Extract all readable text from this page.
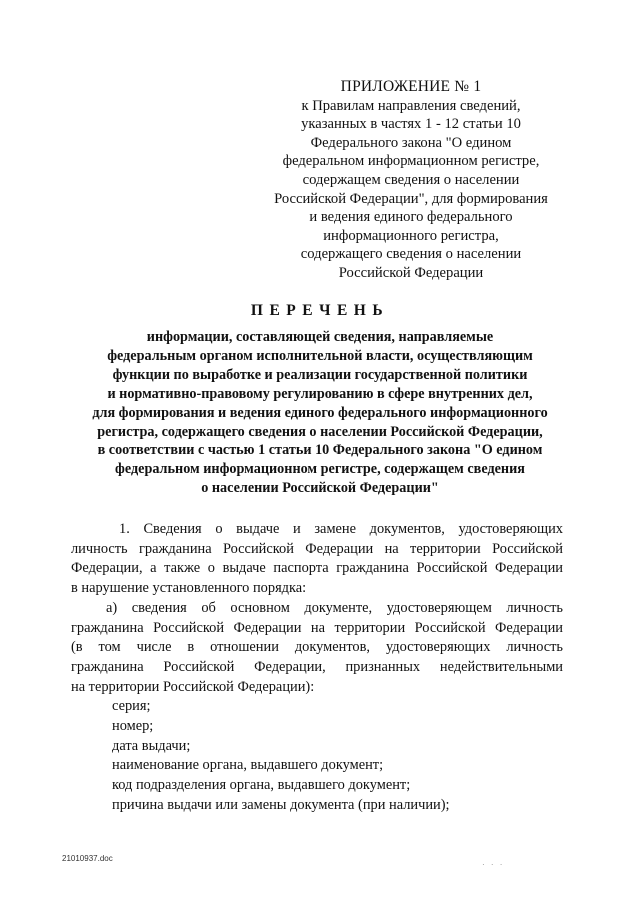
ПРИЛОЖЕНИЕ № 1
к Правилам направления сведений,
указанных в частях 1 - 12 статьи 10
Федерального закона "О едином
федеральном информационном регистре,
содержащем сведения о населении
Российской Федерации", для формирования
и ведения единого федерального
информационного регистра,
содержащего сведения о населении
Российской Федерации
ПЕРЕЧЕНЬ
информации, составляющей сведения, направляемые
федеральным органом исполнительной власти, осуществляющим
функции по выработке и реализации государственной политики
и нормативно-правовому регулированию в сфере внутренних дел,
для формирования и ведения единого федерального информационного
регистра, содержащего сведения о населении Российской Федерации,
в соответствии с частью 1 статьи 10 Федерального закона "О едином
федеральном информационном регистре, содержащем сведения
о населении Российской Федерации"
1. Сведения о выдаче и замене документов, удостоверяющих
личность гражданина Российской Федерации на территории Российской
Федерации, а также о выдаче паспорта гражданина Российской Федерации
в нарушение установленного порядка:
а) сведения об основном документе, удостоверяющем личность
гражданина Российской Федерации на территории Российской Федерации
(в том числе в отношении документов, удостоверяющих личность
гражданина Российской Федерации, признанных недействительными
на территории Российской Федерации):
серия;
номер;
дата выдачи;
наименование органа, выдавшего документ;
код подразделения органа, выдавшего документ;
причина выдачи или замены документа (при наличии);
21010937.doc
· · ·
